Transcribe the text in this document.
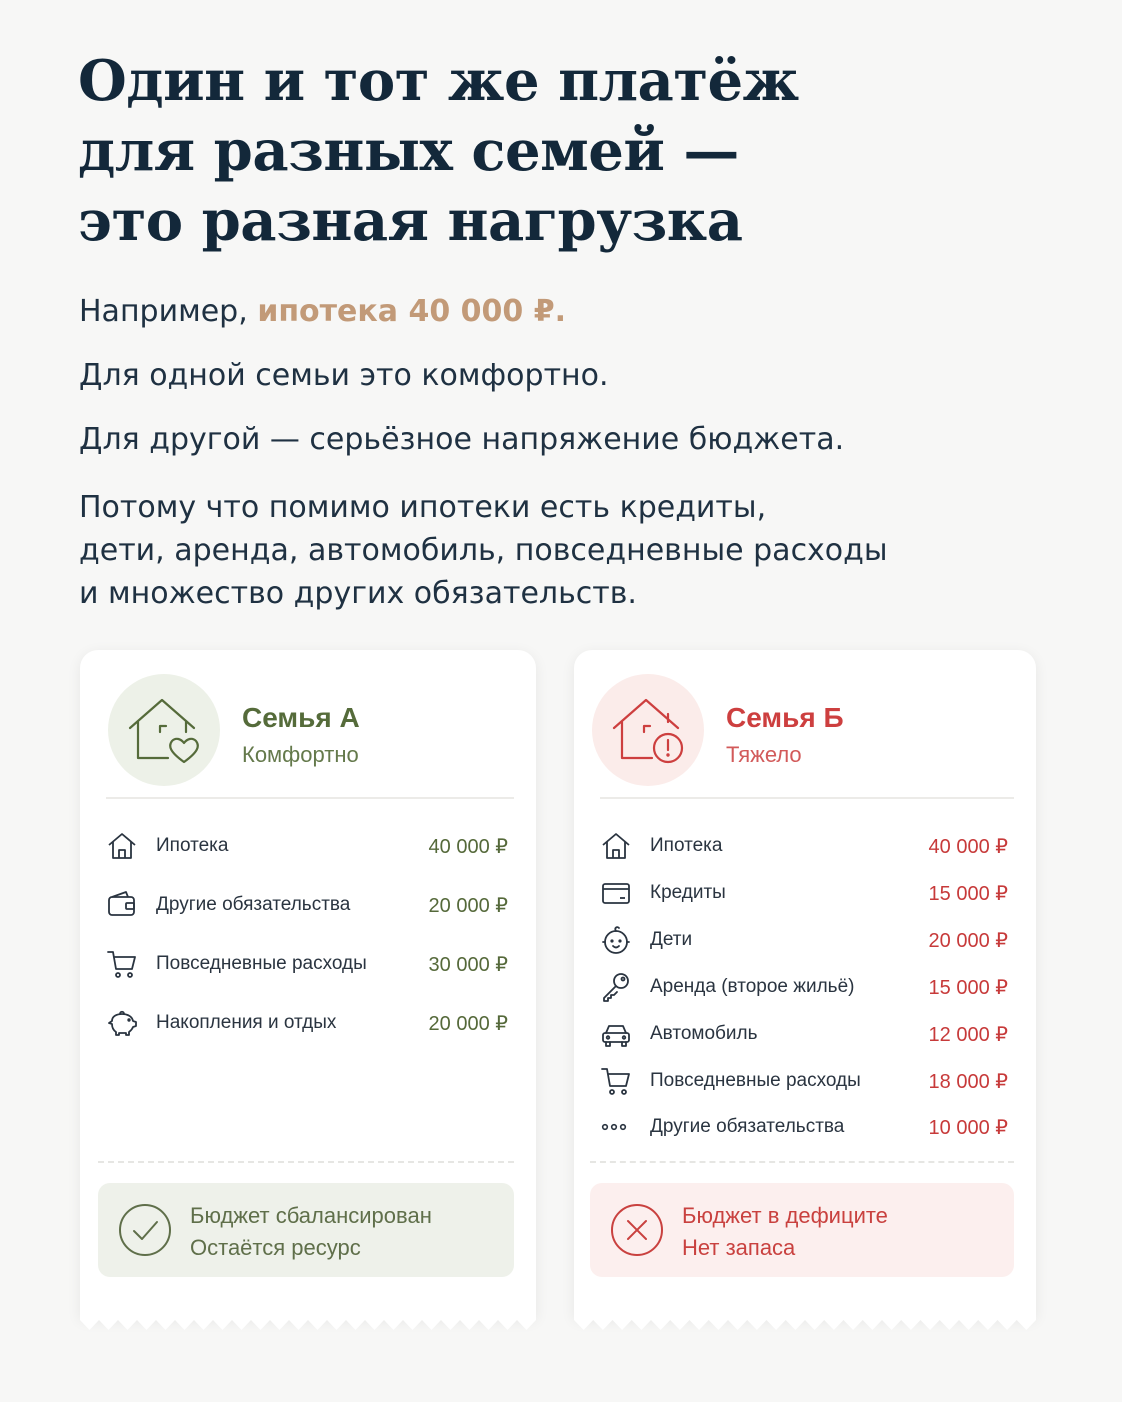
Один и тот же платёж
для разных семей —
это разная нагрузка
Например, ипотека 40 000 ₽.
Для одной семьи это комфортно.
Для другой — серьёзное напряжение бюджета.
Потому что помимо ипотеки есть кредиты,
дети, аренда, автомобиль, повседневные расходы
и множество других обязательств.
Семья А
Комфортно
Ипотека	40 000 ₽
Другие обязательства	20 000 ₽
Повседневные расходы	30 000 ₽
Накопления и отдых	20 000 ₽
Бюджет сбалансирован
Остаётся ресурс
Семья Б
Тяжело
Ипотека	40 000 ₽
Кредиты	15 000 ₽
Дети	20 000 ₽
Аренда (второе жильё)	15 000 ₽
Автомобиль	12 000 ₽
Повседневные расходы	18 000 ₽
Другие обязательства	10 000 ₽
Бюджет в дефиците
Нет запаса
